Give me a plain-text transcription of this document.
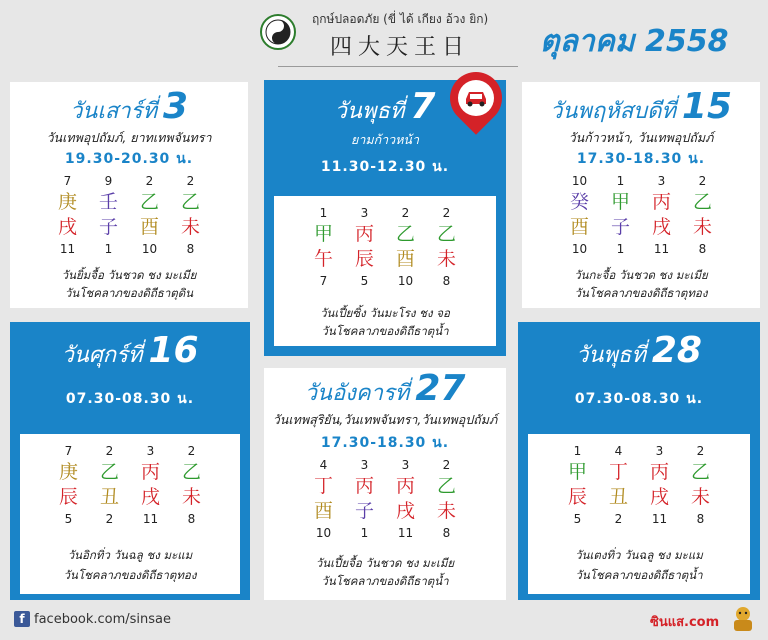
ฤกษ์ปลอดภัย (ขี่ ได้ เกียง อ้วง ยิก)
四大天王日 ตุลาคม 2558
วันเสาร์ที่ 3
วันเทพอุปถัมภ์, ยาทเทพจันทรา
19.30-20.30 น.
7	9	2	2
庚	壬	乙	乙
戌	子	酉	未
11	1	10	8
วันยิ้มจื้อ วันชวด ชง มะเมีย
วันโชคลาภของดิถีธาตุดิน
วันพุธที่ 7
ยามก้าวหน้า
11.30-12.30 น.
1	3	2	2
甲	丙	乙	乙
午	辰	酉	未
7	5	10	8
วันเปี้ยซิ้ง วันมะโรง ชง จอ
วันโชคลาภของดิถีธาตุน้ำ
วันพฤหัสบดีที่ 15
วันก้าวหน้า, วันเทพอุปถัมภ์
17.30-18.30 น.
10	1	3	2
癸	甲	丙	乙
酉	子	戌	未
10	1	11	8
วันกะจื้อ วันชวด ชง มะเมีย
วันโชคลาภของดิถีธาตุทอง
วันศุกร์ที่ 16
07.30-08.30 น.
7	2	3	2
庚	乙	丙	乙
辰	丑	戌	未
5	2	11	8
วันอิกทิ่ว วันฉลู ชง มะแม
วันโชคลาภของดิถีธาตุทอง
วันอังคารที่ 27
วันเทพสุริยัน,วันเทพจันทรา,วันเทพอุปถัมภ์
17.30-18.30 น.
4	3	3	2
丁	丙	丙	乙
酉	子	戌	未
10	1	11	8
วันเปี้ยจื้อ วันชวด ชง มะเมีย
วันโชคลาภของดิถีธาตุน้ำ
วันพุธที่ 28
07.30-08.30 น.
1	4	3	2
甲	丁	丙	乙
辰	丑	戌	未
5	2	11	8
วันเตงทิ่ว วันฉลู ชง มะแม
วันโชคลาภของดิถีธาตุน้ำ
f facebook.com/sinsae	ซินแส.com
